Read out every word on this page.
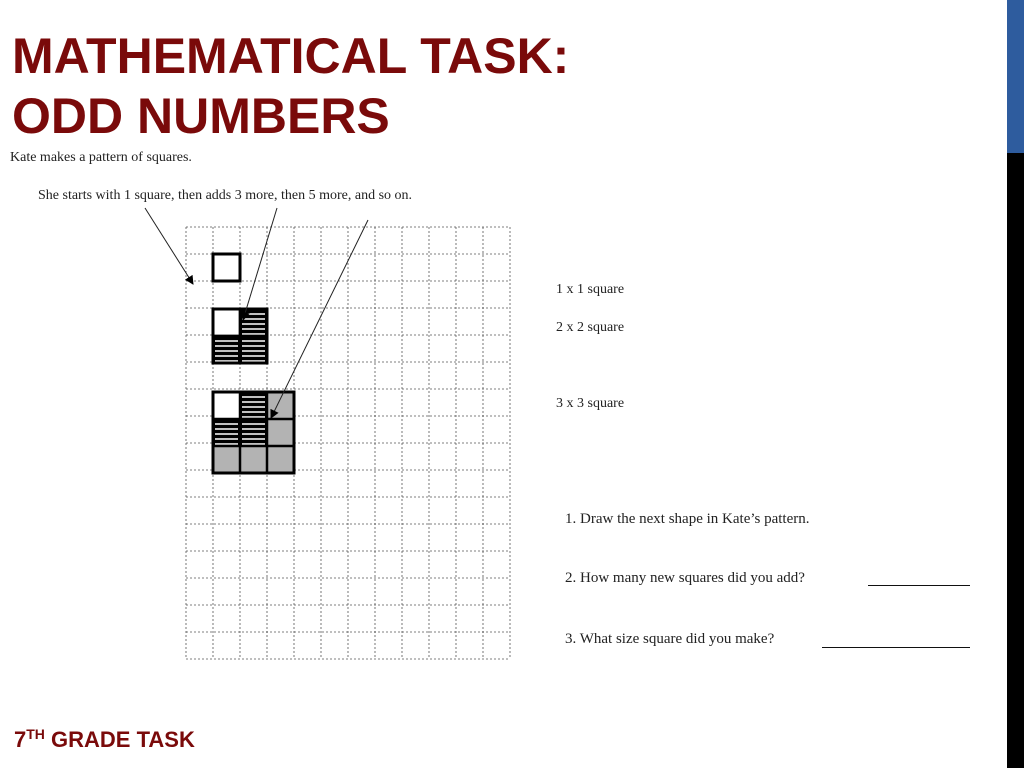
MATHEMATICAL TASK:
ODD NUMBERS
Kate makes a pattern of squares.
She starts with 1 square, then adds 3 more, then 5 more, and so on.
1 x 1 square
2 x 2 square
3 x 3 square
1. Draw the next shape in Kate’s pattern.
2. How many new squares did you add?
3. What size square did you make?
7TH GRADE TASK
